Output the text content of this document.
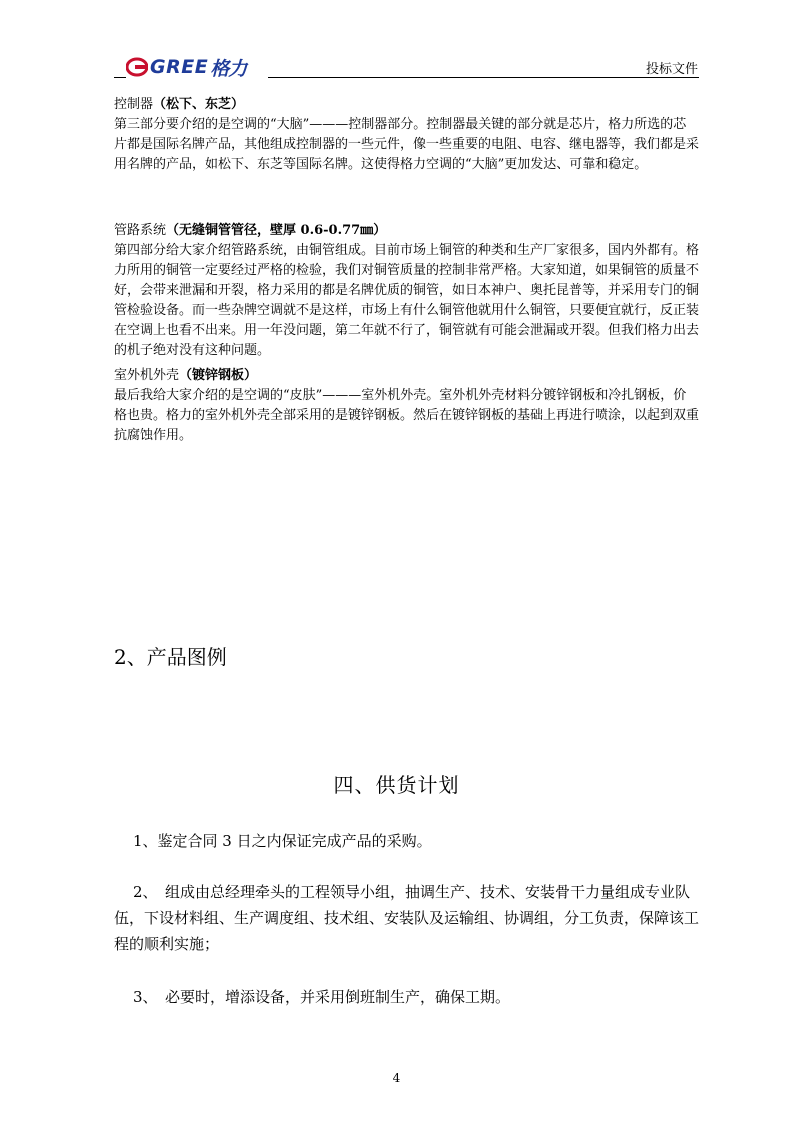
GREE 格力	投标文件

控制器（松下、东芝）

第三部分要介绍的是空调的“大脑”———控制器部分。控制器最关键的部分就是芯片，格力所选的芯片都是国际名牌产品，其他组成控制器的一些元件，像一些重要的电阻、电容、继电器等，我们都是采用名牌的产品，如松下、东芝等国际名牌。这使得格力空调的“大脑”更加发达、可靠和稳定。

管路系统（无缝铜管管径，壁厚 0.6-0.77㎜）

第四部分给大家介绍管路系统，由铜管组成。目前市场上铜管的种类和生产厂家很多，国内外都有。格力所用的铜管一定要经过严格的检验，我们对铜管质量的控制非常严格。大家知道，如果铜管的质量不好，会带来泄漏和开裂，格力采用的都是名牌优质的铜管，如日本神户、奥托昆普等，并采用专门的铜管检验设备。而一些杂牌空调就不是这样，市场上有什么铜管他就用什么铜管，只要便宜就行，反正装在空调上也看不出来。用一年没问题，第二年就不行了，铜管就有可能会泄漏或开裂。但我们格力出去的机子绝对没有这种问题。

室外机外壳（镀锌钢板）

最后我给大家介绍的是空调的“皮肤”———室外机外壳。室外机外壳材料分镀锌钢板和冷扎钢板，价格也贵。格力的室外机外壳全部采用的是镀锌钢板。然后在镀锌钢板的基础上再进行喷涂，以起到双重抗腐蚀作用。

2、产品图例
四、供货计划
1、鉴定合同 3 日之内保证完成产品的采购。
2、　组成由总经理牵头的工程领导小组，抽调生产、技术、安装骨干力量组成专业队伍，下设材料组、生产调度组、技术组、安装队及运输组、协调组，分工负责，保障该工程的顺利实施；
3、　必要时，增添设备，并采用倒班制生产，确保工期。
4
